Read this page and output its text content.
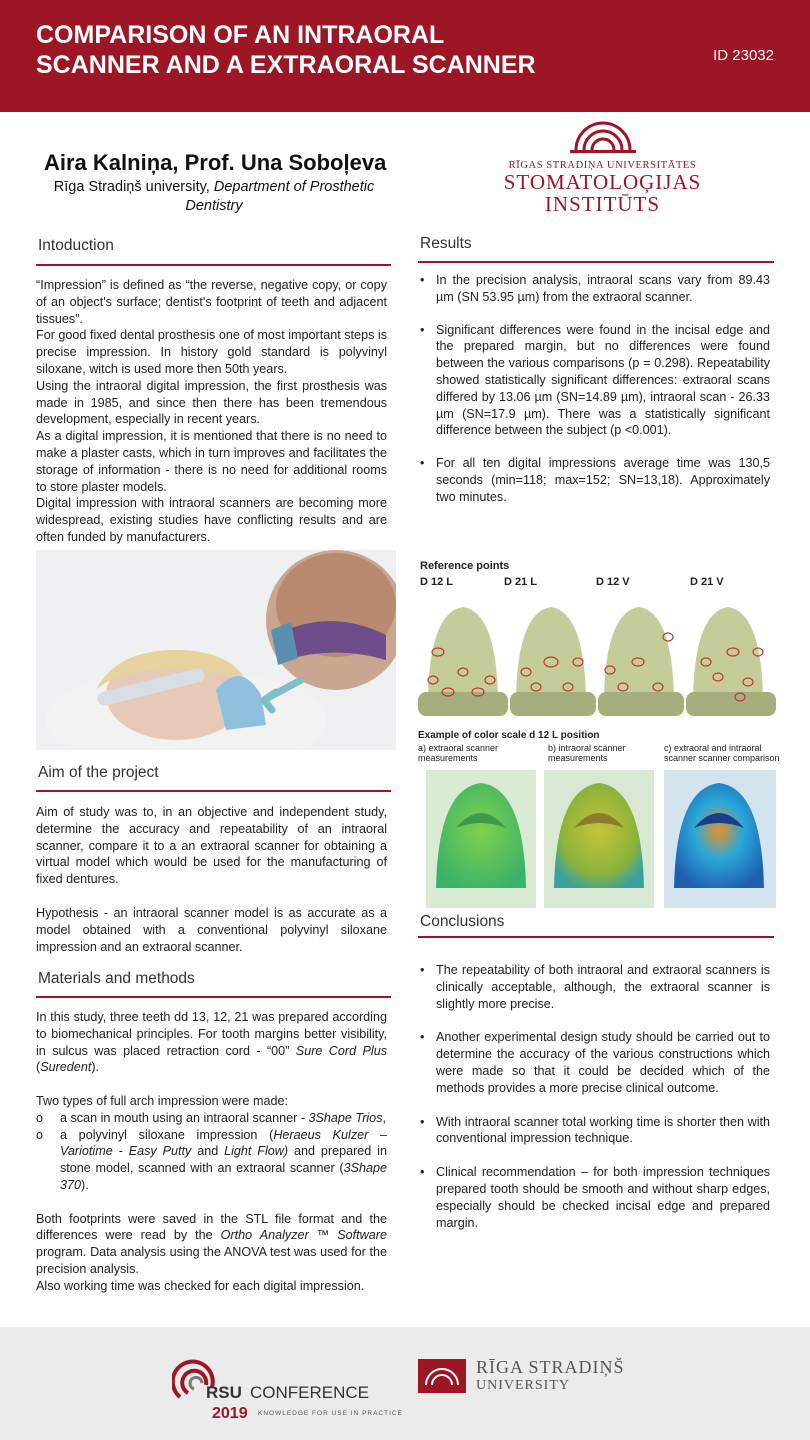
COMPARISON OF AN INTRAORAL
SCANNER AND A EXTRAORAL SCANNER	ID 23032
Aira Kalniņa, Prof. Una Soboļeva
Rīga Stradiņš university, Department of Prosthetic Dentistry
RĪGAS STRADIŅA UNIVERSITĀTES
STOMATOLOĢIJAS
INSTITŪTS
Intoduction

“Impression” is defined as “the reverse, negative copy, or copy of an object's surface; dentist's footprint of teeth and adjacent tissues”.

For good fixed dental prosthesis one of most important steps is precise impression. In history gold standard is polyvinyl siloxane, witch is used more then 50th years.

Using the intraoral digital impression, the first prosthesis was made in 1985, and since then there has been tremendous development, especially in recent years.

As a digital impression, it is mentioned that there is no need to make a plaster casts, which in turn improves and facilitates the storage of information - there is no need for additional rooms to store plaster models.

Digital impression with intraoral scanners are becoming more widespread, existing studies have conflicting results and are often funded by manufacturers.

Aim of the project
Aim of study was to, in an objective and independent study, determine the accuracy and repeatability of an intraoral scanner, compare it to a an extraoral scanner for obtaining a virtual model which would be used for the manufacturing of fixed dentures.
Hypothesis - an intraoral scanner model is as accurate as a model obtained with a conventional polyvinyl siloxane impression and an extraoral scanner.
Materials and methods

In this study, three teeth dd 13, 12, 21 was prepared according to biomechanical principles. For tooth margins better visibility, in sulcus was placed retraction cord - “00” Sure Cord Plus (Suredent).

Two types of full arch impression were made:

o a scan in mouth using an intraoral scanner - 3Shape Trios,
o a polyvinyl siloxane impression (Heraeus Kulzer – Variotime - Easy Putty and Light Flow) and prepared in stone model, scanned with an extraoral scanner (3Shape 370).

Both footprints were saved in the STL file format and the differences were read by the Ortho Analyzer ™ Software program. Data analysis using the ANOVA test was used for the precision analysis.

Also working time was checked for each digital impression.

Results
• In the precision analysis, intraoral scans vary from 89.43 µm (SN 53.95 µm) from the extraoral scanner.
• Significant differences were found in the incisal edge and the prepared margin, but no differences were found between the various comparisons (p = 0.298). Repeatability showed statistically significant differences: extraoral scans differed by 13.06 µm (SN=14.89 µm), intraoral scan - 26.33 µm (SN=17.9 µm). There was a statistically significant difference between the subject (p <0.001).
• For all ten digital impressions average time was 130,5 seconds (min=118; max=152; SN=13,18). Approximately two minutes.
Reference points
D 12 L	D 21 L	D 12 V	D 21 V
Example of color scale d 12 L position
a) extraoral scanner measurements
b) intraoral scanner measurements
c) extraoral and intraoral scanner scanner comparison
Conclusions
• The repeatability of both intraoral and extraoral scanners is clinically acceptable, although, the extraoral scanner is slightly more precise.
• Another experimental design study should be carried out to determine the accuracy of the various constructions which were made so that it could be decided which of the methods provides a more precise clinical outcome.
• With intraoral scanner total working time is shorter then with conventional impression technique.
• Clinical recommendation – for both impression techniques prepared tooth should be smooth and without sharp edges, especially should be checked incisal edge and prepared margin.
RSU CONFERENCE
2019 KNOWLEDGE FOR USE IN PRACTICE
RĪGA STRADIŅŠ
UNIVERSITY
